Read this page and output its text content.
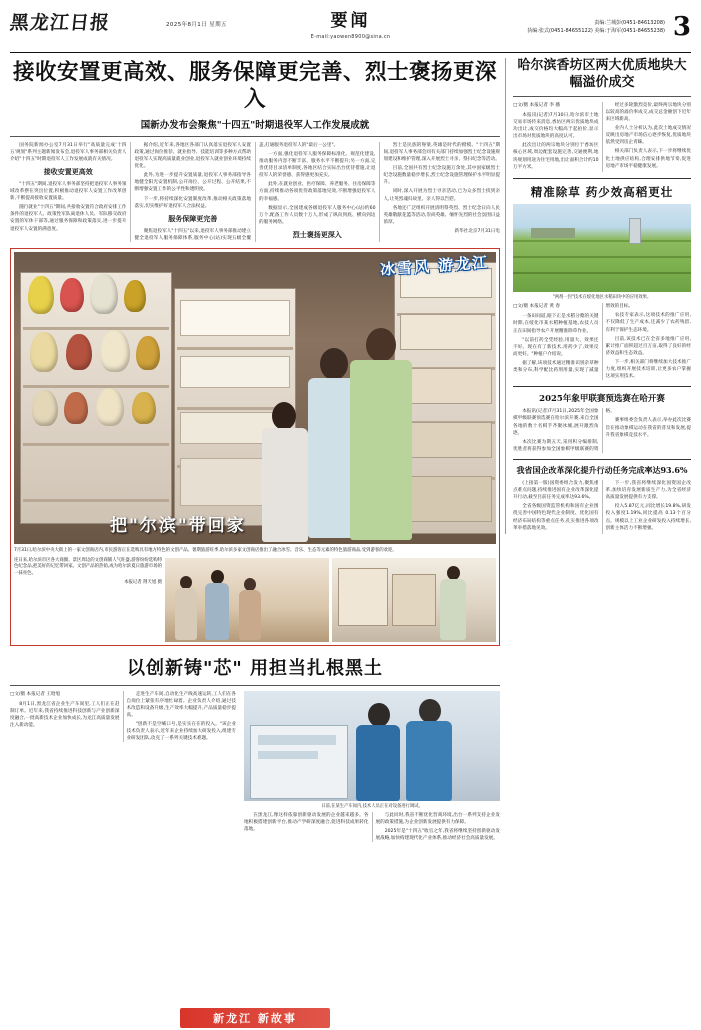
黑龙江日报	2025年8月1日 星期五	要闻
E-mail:yaowen8900@sina.cn
责编:兰城彭(0451-84613208)
执编:张式(0451-84655122) 美编:于海军(0451-84655238) 3
接收安置更高效、服务保障更完善、烈士褒扬更深入
国新办发布会聚焦"十四五"时期退役军人工作发展成就

国务院新闻办公室7月31日举行"高质量完成'十四五'规划"系列主题新闻发布会,退役军人事务部相关负责人介绍"十四五"时期退役军人工作发展成就有关情况。

接收安置更高效

"十四五"期间,退役军人事务部坚持把退役军人事务领域改革摆在突出位置,积极推动退役军人安置工作改革创新,不断提高接收安置质量。

随行就业"十四五"期间,共接收安置符合政府安排工作条件的退役军人、政策性军队离退休人员、军队移交政府安置的军休干部等,通过服务保障和政策落实,进一步提升退役军人安置的满意度。

据介绍,近年来,各地区各部门认真落实退役军人安置政策,通过岗位推荐、就业指导、技能培训等多种方式帮助退役军人实现高质量就业创业,退役军人就业创业环境持续优化。

此外,为进一步提升安置质量,退役军人事务部指导各地健全阳光安置机制,公开岗位、公开过程、公开结果,不断增强安置工作的公平性和透明度。

下一步,将持续深化安置制度改革,推动相关政策落地落实,切实维护好退役军人合法权益。

服务保障更完善

聚焦退役军人"十四五"以来,退役军人事务部推动建立健全退役军人服务保障体系,服务中心(站)实现五级全覆盖,打通服务退役军人的"最后一公里"。

一方面,强化退役军人服务保障标准化、规范化建设,推动服务内容不断丰富、服务水平不断提升;另一方面,完善优待目录清单制度,各地区结合实际出台优待措施,让退役军人的荣誉感、获得感更加充实。

此外,在就业创业、医疗保障、养老服务、住房保障等方面,持续推动各项优待政策落地见效,不断增强退役军人的幸福感。

数据显示,全国建成各级退役军人服务中心(站)约60万个,配备工作人员数十万人,形成了纵向到底、横向到边的服务网络。

烈士褒扬更深入

烈士是民族的脊梁,英雄是时代的楷模。"十四五"期间,退役军人事务部会同有关部门持续加强烈士纪念设施规划建设和维护管理,深入开展烈士寻亲、祭扫纪念等活动。

目前,全国共有烈士纪念设施万余处,其中国家级烈士纪念设施数量稳步增长,烈士纪念设施管理保护水平明显提升。

同时,深入开展为烈士寻亲活动,已为众多烈士找到亲人,让英烈魂归故里、亲人得以告慰。

各地还广泛组织开展清明祭英烈、烈士纪念日向人民英雄敬献花篮等活动,崇尚英雄、缅怀先烈的社会氛围日益浓厚。

新华社北京7月31日电

冰雪风 游龙江
把"尔滨"带回家
7月31日,哈尔滨中央大街上的一家文创商店内,市民游客正在选购具有地方特色的文创产品。暑期旅游旺季,哈尔滨多家文创商店推出了融合冰雪、音乐、生态等元素的特色旅游商品,受到游客的欢迎。
连日来,哈尔滨市区各大商圈、景区周边的文创商铺人气旺盛,游客纷纷选购特色纪念品,把美好的记忆带回家。文创产品的热销,成为哈尔滨夏日旅游市场的一抹亮色。
本报记者 荆天旭 摄
以创新铸"芯" 用担当扎根黑土

□文/摄 本报记者 王晗旭

8月1日,黑龙江省企业生产车间里,工人们正在赶制订单。近年来,我省持续推进科技创新与产业创新深度融合,一批高新技术企业加快成长,为龙江高质量发展注入新动能。

走进生产车间,自动化生产线高速运转,工人们在各自岗位上紧张有序地忙碌着。企业负责人介绍,通过技术改造和设备升级,生产效率大幅提升,产品质量稳步提高。

"创新不是空喊口号,是实实在在的投入。"该企业技术负责人表示,近年来企业持续加大研发投入,组建专业研发团队,攻克了一系列关键技术难题。

日前,在某生产车间内,技术人员正在对设备进行调试。

在黑龙江,像这样依靠创新驱动发展的企业越来越多。各地积极搭建创新平台,推动产学研深度融合,促进科技成果转化落地。

与此同时,我省不断优化营商环境,出台一系列支持企业发展的政策措施,为企业创新发展提供有力保障。

2025年是"十四五"收官之年,我省将继续坚持创新驱动发展战略,加快构建现代化产业体系,推动经济社会高质量发展。

哈尔滨香坊区两大优质地块大幅溢价成交

□文/摄 本报记者 李 播

本报讯(记者)7月30日,哈尔滨市土地交易市场传来消息,香坊区两宗优质地块成功出让,成交价格均大幅高于起拍价,显示出市场对优质地块的高度认可。

此次出让的两宗地块分别位于香坊区核心区域,周边配套设施完善,交通便利,地块规划用途为住宅用地,出让面积合计约10万平方米。

经过多轮激烈竞价,最终两宗地块分别以较高的溢价率成交,成交总金额创下近年来区域新高。

业内人士分析认为,此次土地成交情况反映出房地产市场信心逐步恢复,优质地块依然受到房企青睐。

相关部门负责人表示,下一步将继续优化土地供应结构,合理安排供地节奏,促进房地产市场平稳健康发展。

精准除草 药少效高稻更壮
"两剂一封"技术在绥化地区水稻田块中的应用效果。

□文/摄 本报记者 黄 春

一条田间道,眼下正是水稻分蘖的关键时期,在绥化市某水稻种植基地,农技人员正在田间指导农户开展精准除草作业。

"以前打药全凭经验,用量大、效果还不好。现在有了新技术,用药少了,效果反而更好。"种植户介绍说。

据了解,该项技术通过精准识别杂草种类和分布,科学配比药剂用量,实现了减量增效的目标。

农技专家表示,这项技术的推广应用,不仅降低了生产成本,还减少了农药残留,有利于保护生态环境。

目前,该技术已在全省多地推广应用,累计推广面积超过百万亩,取得了良好的经济效益和生态效益。

下一步,相关部门将继续加大技术推广力度,组织开展技术培训,让更多农户掌握这项实用技术。

2025年象甲联赛预选赛在哈开赛

本报讯(记者)7月31日,2025年全国象棋甲级联赛预选赛在哈尔滨开赛,来自全国各地的数十名棋手齐聚冰城,展开激烈角逐。

本次比赛为期五天,采用积分编排制,优胜者将获得参加全国象棋甲级联赛的资格。

赛事组委会负责人表示,举办此次比赛旨在推动象棋运动在我省的普及和发展,提升我省象棋竞技水平。

我省国企改革深化提升行动任务完成率达93.6%

(上接第一版)国资委组合发力,聚焦重点难点问题,持续推进国有企业改革深化提升行动,截至目前任务完成率达93.6%。

全省各级国资监管机构和国有企业围绕完善中国特色现代企业制度、优化国有经济布局结构等重点任务,扎实推进各项改革举措落地见效。

下一步,我省将继续深化国资国企改革,加快培育发展新质生产力,为全省经济高质量发展提供有力支撑。

投入5.87亿元,同比增长19.8%,研发投入强度1.19%,同比提高 0.13个百分点。规模以上工业企业研发投入持续增长,创新主体活力不断增强。

新龙江 新故事
